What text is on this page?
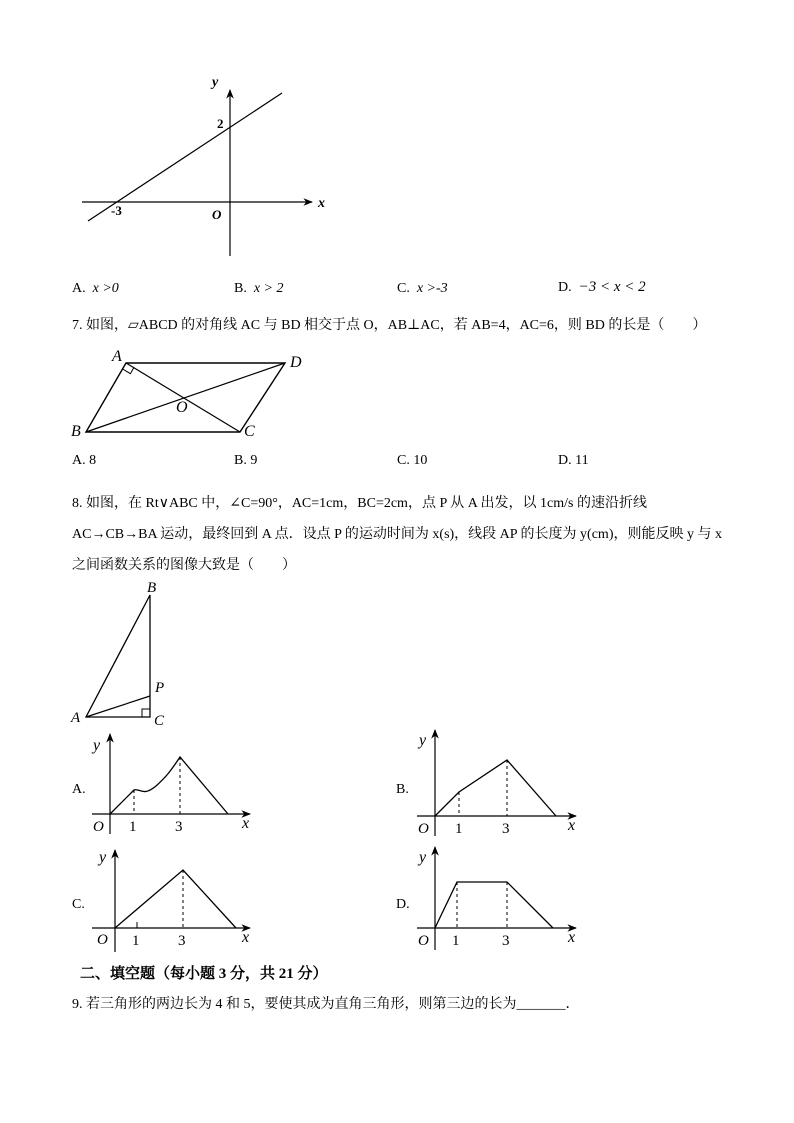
x
y
O
2
-3
A. x >0	B. x > 2	C. x >-3	D. −3 < x < 2
7. 如图，▱ABCD 的对角线 AC 与 BD 相交于点 O，AB⊥AC，若 AB=4，AC=6，则 BD 的长是（　　）
A	D
O
B	C
A. 8	B. 9	C. 10	D. 11
8. 如图，在 Rt∨ABC 中，∠C=90°，AC=1cm，BC=2cm，点 P 从 A 出发，以 1cm/s 的速沿折线
AC→CB→BA 运动，最终回到 A 点．设点 P 的运动时间为 x(s)，线段 AP 的长度为 y(cm)，则能反映 y 与 x
之间函数关系的图像大致是（　　）
B
P
A	C
A.
y
x
O 1	3
B.
y
x
O 1	3
C.
y
x
O 1	3
D.
y
x
O 1	3
二、填空题（每小题 3 分，共 21 分）
9. 若三角形的两边长为 4 和 5，要使其成为直角三角形，则第三边的长为_______．
